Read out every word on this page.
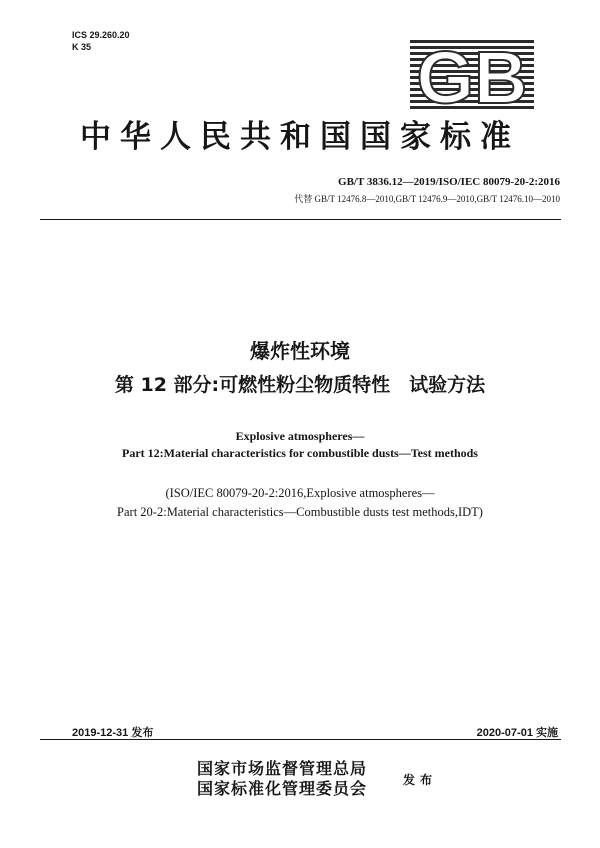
ICS 29.260.20
K 35	GB
中华人民共和国国家标准
GB/T 3836.12—2019/ISO/IEC 80079-20-2:2016
代替 GB/T 12476.8—2010,GB/T 12476.9—2010,GB/T 12476.10—2010
爆炸性环境
第 12 部分:可燃性粉尘物质特性　试验方法
Explosive atmospheres—
Part 12:Material characteristics for combustible dusts—Test methods
(ISO/IEC 80079-20-2:2016,Explosive atmospheres—
Part 20-2:Material characteristics—Combustible dusts test methods,IDT)
2019-12-31 发布	2020-07-01 实施
国家市场监督管理总局
国家标准化管理委员会	发布
